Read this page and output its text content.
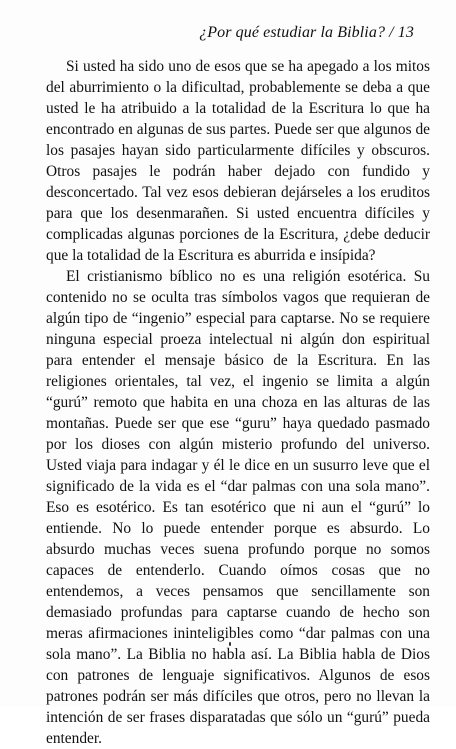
¿Por qué estudiar la Biblia? / 13

Si usted ha sido uno de esos que se ha apegado a los mitos del aburrimiento o la dificultad, probablemente se deba a que usted le ha atribuido a la totalidad de la Escritura lo que ha encontrado en algunas de sus partes. Puede ser que algunos de los pasajes hayan sido particularmente difíciles y obscuros. Otros pasajes le podrán haber dejado con fundido y desconcertado. Tal vez esos debieran dejárseles a los eruditos para que los desenmarañen. Si usted encuentra difíciles y complicadas algunas porciones de la Escritura, ¿debe deducir que la totalidad de la Escritura es aburrida e insípida?

El cristianismo bíblico no es una religión esotérica. Su contenido no se oculta tras símbolos vagos que requieran de algún tipo de “ingenio” especial para captarse. No se requiere ninguna especial proeza intelectual ni algún don espiritual para entender el mensaje básico de la Escritura. En las religiones orientales, tal vez, el ingenio se limita a algún “gurú” remoto que habita en una choza en las alturas de las montañas. Puede ser que ese “guru” haya quedado pasmado por los dioses con algún misterio profundo del universo. Usted viaja para indagar y él le dice en un susurro leve que el significado de la vida es el “dar palmas con una sola mano”. Eso es esotérico. Es tan esotérico que ni aun el “gurú” lo entiende. No lo puede entender porque es absurdo. Lo absurdo muchas veces suena profundo porque no somos capaces de entenderlo. Cuando oímos cosas que no entendemos, a veces pensamos que sencillamente son demasiado profundas para captarse cuando de hecho son meras afirmaciones ininteligibles como “dar palmas con una sola mano”. La Biblia no habla así. La Biblia habla de Dios con patrones de lenguaje significativos. Algunos de esos patrones podrán ser más difíciles que otros, pero no llevan la intención de ser frases disparatadas que sólo un “gurú” pueda entender.
